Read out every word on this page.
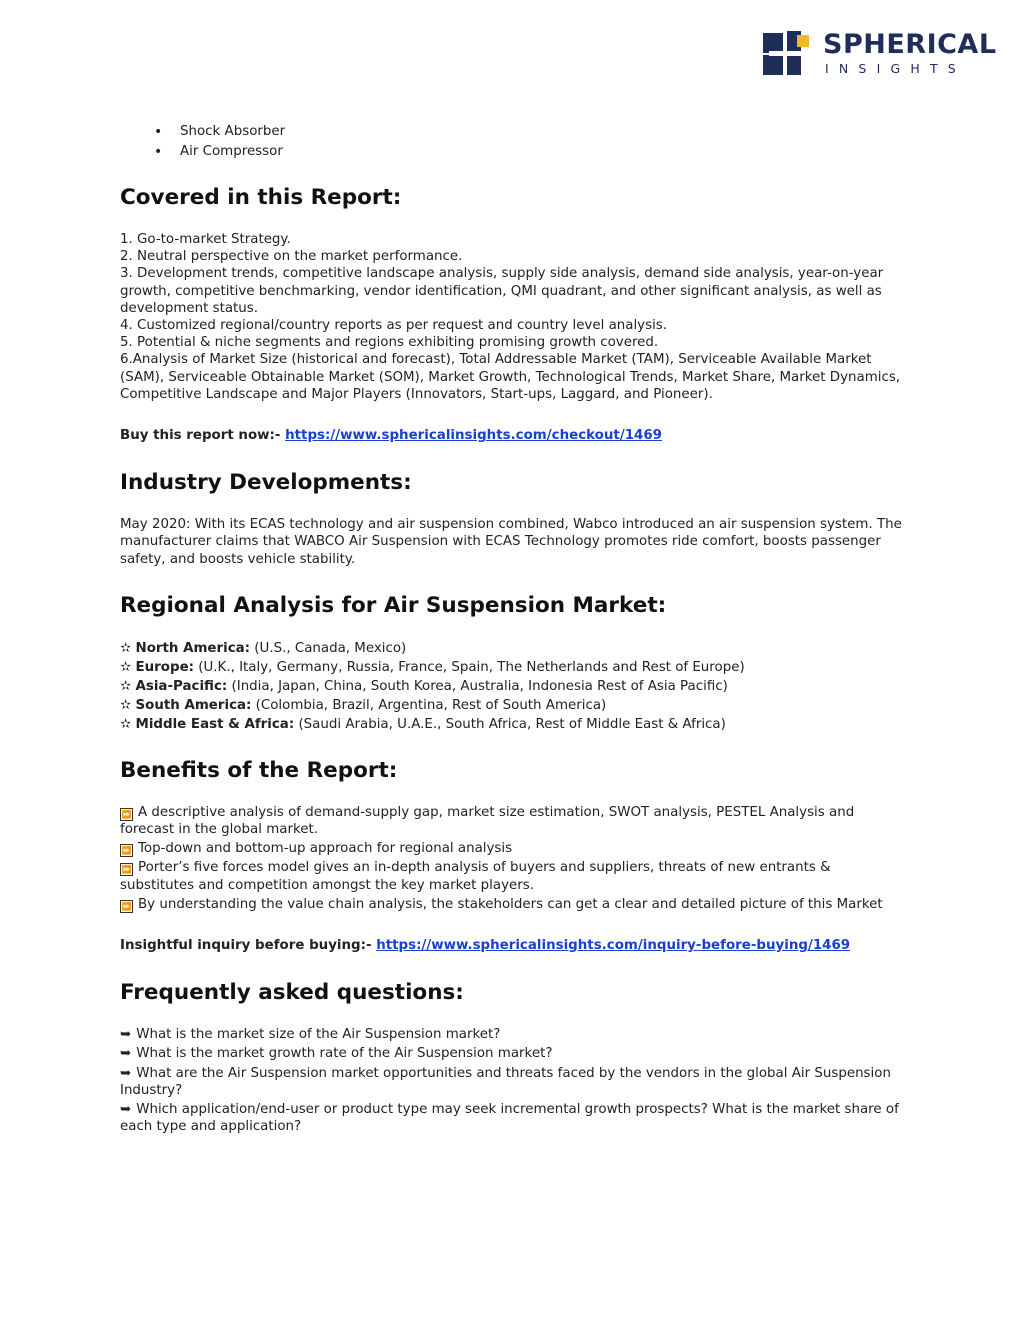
SPHERICAL
INSIGHTS
• Shock Absorber
• Air Compressor
Covered in this Report:
1. Go-to-market Strategy.
2. Neutral perspective on the market performance.
3. Development trends, competitive landscape analysis, supply side analysis, demand side analysis, year-on-year growth, competitive benchmarking, vendor identification, QMI quadrant, and other significant analysis, as well as development status.
4. Customized regional/country reports as per request and country level analysis.
5. Potential & niche segments and regions exhibiting promising growth covered.
6.Analysis of Market Size (historical and forecast), Total Addressable Market (TAM), Serviceable Available Market (SAM), Serviceable Obtainable Market (SOM), Market Growth, Technological Trends, Market Share, Market Dynamics, Competitive Landscape and Major Players (Innovators, Start-ups, Laggard, and Pioneer).
Buy this report now:- https://www.sphericalinsights.com/checkout/1469
Industry Developments:

May 2020: With its ECAS technology and air suspension combined, Wabco introduced an air suspension system. The manufacturer claims that WABCO Air Suspension with ECAS Technology promotes ride comfort, boosts passenger safety, and boosts vehicle stability.

Regional Analysis for Air Suspension Market:
✫ North America: (U.S., Canada, Mexico)
✫ Europe: (U.K., Italy, Germany, Russia, France, Spain, The Netherlands and Rest of Europe)
✫ Asia-Pacific: (India, Japan, China, South Korea, Australia, Indonesia Rest of Asia Pacific)
✫ South America: (Colombia, Brazil, Argentina, Rest of South America)
✫ Middle East & Africa: (Saudi Arabia, U.A.E., South Africa, Rest of Middle East & Africa)
Benefits of the Report:
⏩ A descriptive analysis of demand-supply gap, market size estimation, SWOT analysis, PESTEL Analysis and forecast in the global market.
⏩ Top-down and bottom-up approach for regional analysis
⏩ Porter’s five forces model gives an in-depth analysis of buyers and suppliers, threats of new entrants & substitutes and competition amongst the key market players.
⏩ By understanding the value chain analysis, the stakeholders can get a clear and detailed picture of this Market
Insightful inquiry before buying:- https://www.sphericalinsights.com/inquiry-before-buying/1469
Frequently asked questions:
➥ What is the market size of the Air Suspension market?
➥ What is the market growth rate of the Air Suspension market?
➥ What are the Air Suspension market opportunities and threats faced by the vendors in the global Air Suspension Industry?
➥ Which application/end-user or product type may seek incremental growth prospects? What is the market share of each type and application?
